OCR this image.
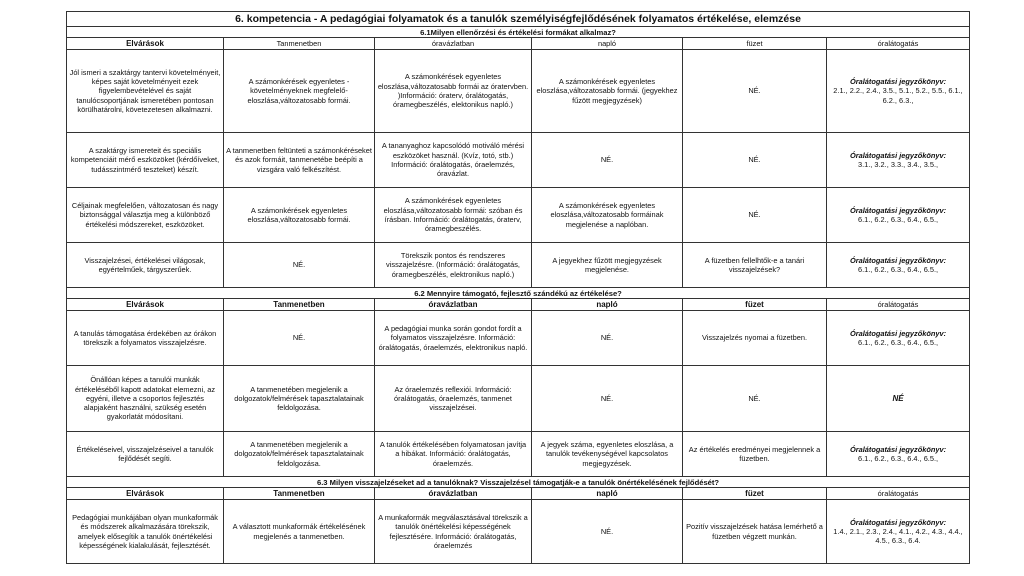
6. kompetencia - A pedagógiai folyamatok és a tanulók személyiségfejlődésének folyamatos értékelése, elemzése					
6.1Milyen ellenőrzési és értékelési formákat alkalmaz?					
Elvárások	Tanmenetben	óravázlatban	napló	füzet	óralátogatás
Jól ismeri a szaktárgy tantervi követelményeit, képes saját követelményeit ezek figyelembevételével és saját tanulócsoportjának ismeretében pontosan körülhatárolni, követezetesen alkalmazni.	A számonkérések egyenletes - követelményeknek megfelelő-eloszlása,változatosabb formái.	A számonkérések egyenletes eloszlása,változatosabb formái az óratervben. )Információ: óraterv, óralátogatás, óramegbeszélés, elektonikus napló.)	A számonkérések egyenletes eloszlása,változatosabb formái. (jegyekhez fűzött megjegyzések)	NÉ.	Óralátogatási jegyzőkönyv:
2.1., 2.2., 2.4., 3.5., 5.1., 5.2., 5.5., 6.1., 6.2., 6.3.,
A szaktárgy ismereteit és speciális kompetenciáit mérő eszközöket (kérdőíveket, tudásszintmérő teszteket) készít.	A tanmenetben feltünteti a számonkéréseket és azok formáit, tanmenetébe beépíti a vizsgára való felkészítést.	A tananyaghoz kapcsolódó motiváló mérési eszközöket használ. (Kvíz, totó, stb.) Információ: óralátogatás, óraelemzés, óravázlat.	NÉ.	NÉ.	Óralátogatási jegyzőkönyv:
3.1., 3.2., 3.3., 3.4., 3.5.,
Céljainak megfelelően, változatosan és nagy biztonsággal választja meg a különböző értékelési módszereket, eszközöket.	A számonkérések egyenletes eloszlása,változatosabb formái.	A számonkérések egyenletes eloszlása,változatosabb formái: szóban és írásban. Információ: óralátogatás, óraterv, óramegbeszélés.	A számonkérések egyenletes eloszlása,változatosabb formáinak megjelenése a naplóban.	NÉ.	Óralátogatási jegyzőkönyv:
6.1., 6.2., 6.3., 6.4., 6.5.,
Visszajelzései, értékelései világosak, egyértelműek, tárgyszerűek.	NÉ.	Törekszik pontos és rendszeres visszajelzésre. (Információ: óralátogatás, óramegbeszélés, elektronikus napló.)	A jegyekhez fűzött megjegyzések megjelenése.	A füzetben fellelhtők-e a tanári visszajelzések?	Óralátogatási jegyzőkönyv:
6.1., 6.2., 6.3., 6.4., 6.5.,
6.2 Mennyire támogató, fejlesztő szándékú az értékelése?					
Elvárások	Tanmenetben	óravázlatban	napló	füzet	óralátogatás
A tanulás támogatása érdekében az órákon törekszik a folyamatos visszajelzésre.	NÉ.	A pedagógiai munka során gondot fordít a folyamatos visszajelzésre. Információ: óralátogatás, óraelemzés, elektronikus napló.	NÉ.	Visszajelzés nyomai a füzetben.	Óralátogatási jegyzőkönyv:
6.1., 6.2., 6.3., 6.4., 6.5.,
Önállóan képes a tanulói munkák értékeléséből kapott adatokat elemezni, az egyéni, illetve a csoportos fejlesztés alapjaként használni, szükség esetén gyakorlatát módosítani.	A tanmenetében megjelenik a dolgozatok/felmérések tapasztalatainak feldolgozása.	Az óraelemzés reflexiói. Információ: óralátogatás, óraelemzés, tanmenet visszajelzései.	NÉ.	NÉ.	NÉ
Értékeléseivel, visszajelzéseivel a tanulók fejlődését segíti.	A tanmenetében megjelenik a dolgozatok/felmérések tapasztalatainak feldolgozása.	A tanulók értékelésében folyamatosan javítja a hibákat. Információ: óralátogatás, óraelemzés.	A jegyek száma, egyenletes eloszlása, a tanulók tevékenységével kapcsolatos megjegyzések.	Az értékelés eredményei megjelennek a füzetben.	Óralátogatási jegyzőkönyv:
6.1., 6.2., 6.3., 6.4., 6.5.,
6.3 Milyen visszajelzéseket ad a tanulóknak? Visszajelzésel támogatják-e a tanulók önértékelésének fejlődését?					
Elvárások	Tanmenetben	óravázlatban	napló	füzet	óralátogatás
Pedagógiai munkájában olyan munkaformák és módszerek alkalmazására törekszik, amelyek elősegítik a tanulók önértékelési képességének kialakulását, fejlesztését.	A választott munkaformák értékelésének megjelenés a tanmenetben.	A munkaformák megválasztásával törekszik a tanulók önértékelési képességének fejlesztésére. Információ: óralátogatás, óraelemzés	NÉ.	Pozitív visszajelzések hatása lemérhető a füzetben végzett munkán.	Óralátogatási jegyzőkönyv:
1.4., 2.1., 2.3., 2.4., 4.1., 4.2., 4.3., 4.4., 4.5., 6.3., 6.4.
